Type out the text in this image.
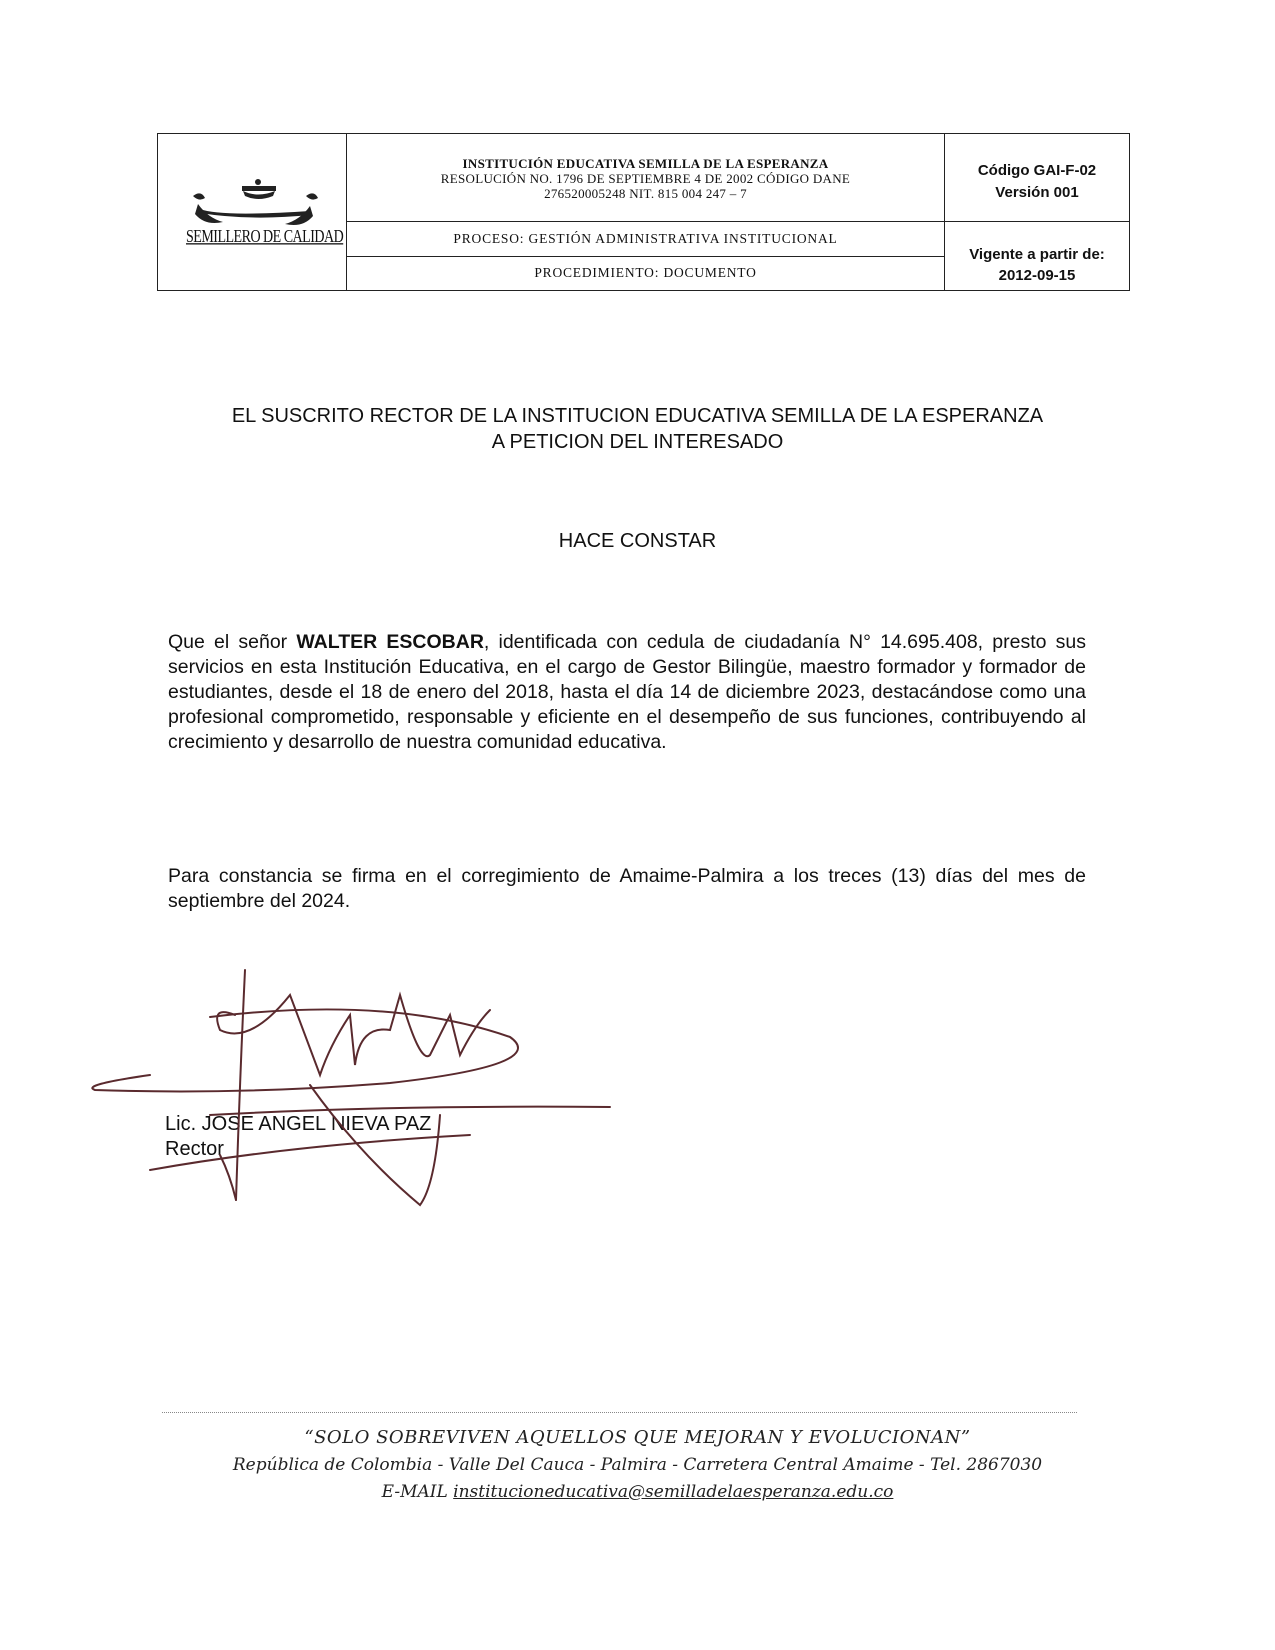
SEMILLERO DE CALIDAD
INSTITUCIÓN EDUCATIVA SEMILLA DE LA ESPERANZA
RESOLUCIÓN NO. 1796 DE SEPTIEMBRE 4 DE 2002 CÓDIGO DANE
276520005248 NIT. 815 004 247 – 7
Código GAI-F-02
Versión 001
PROCESO: GESTIÓN ADMINISTRATIVA INSTITUCIONAL
Vigente a partir de:
2012-09-15
PROCEDIMIENTO: DOCUMENTO
EL SUSCRITO RECTOR DE LA INSTITUCION EDUCATIVA SEMILLA DE LA ESPERANZA
A PETICION DEL INTERESADO
HACE CONSTAR
Que el señor WALTER ESCOBAR, identificada con cedula de ciudadanía N° 14.695.408, presto sus servicios en esta Institución Educativa, en el cargo de Gestor Bilingüe, maestro formador y formador de estudiantes, desde el 18 de enero del 2018, hasta el día 14 de diciembre 2023, destacándose como una profesional comprometido, responsable y eficiente en el desempeño de sus funciones, contribuyendo al crecimiento y desarrollo de nuestra comunidad educativa.
Para constancia se firma en el corregimiento de Amaime-Palmira a los treces (13) días del mes de septiembre del 2024.
Lic. JOSE ANGEL NIEVA PAZ
Rector
“SOLO SOBREVIVEN AQUELLOS QUE MEJORAN Y EVOLUCIONAN”
República de Colombia - Valle Del Cauca - Palmira - Carretera Central Amaime - Tel. 2867030
E-MAIL institucioneducativa@semilladelaesperanza.edu.co
